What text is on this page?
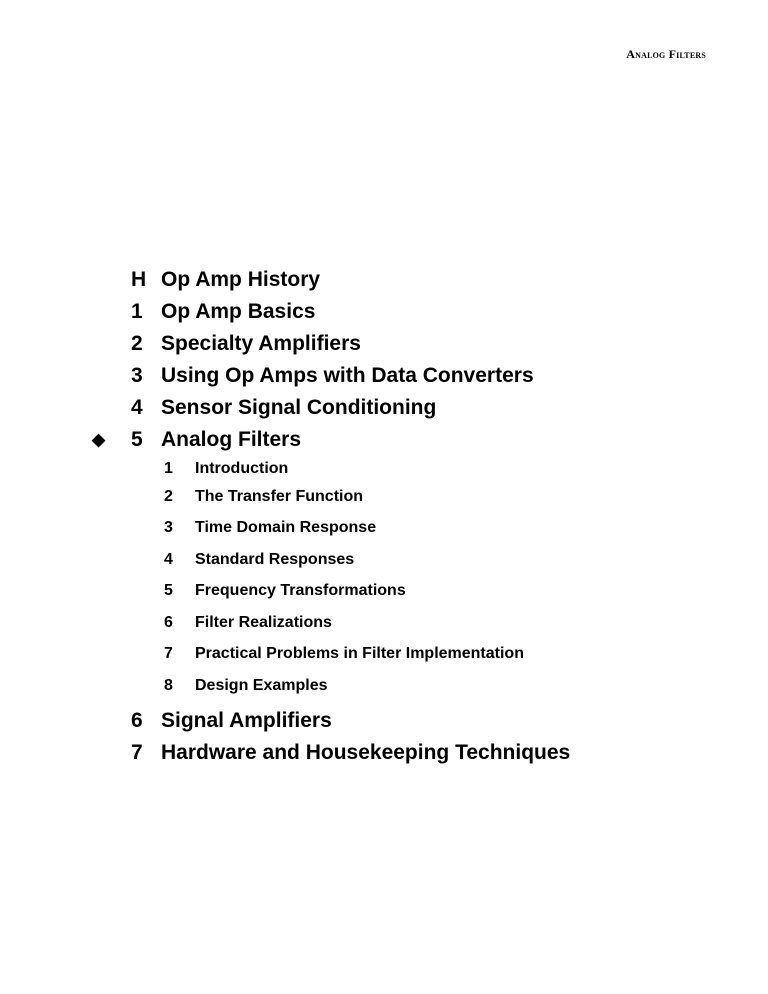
Analog Filters
H Op Amp History
1 Op Amp Basics
2 Specialty Amplifiers
3 Using Op Amps with Data Converters
4 Sensor Signal Conditioning
◆	5 Analog Filters
1 Introduction
2 The Transfer Function
3 Time Domain Response
4 Standard Responses
5 Frequency Transformations
6 Filter Realizations
7 Practical Problems in Filter Implementation
8 Design Examples
6 Signal Amplifiers
7 Hardware and Housekeeping Techniques
